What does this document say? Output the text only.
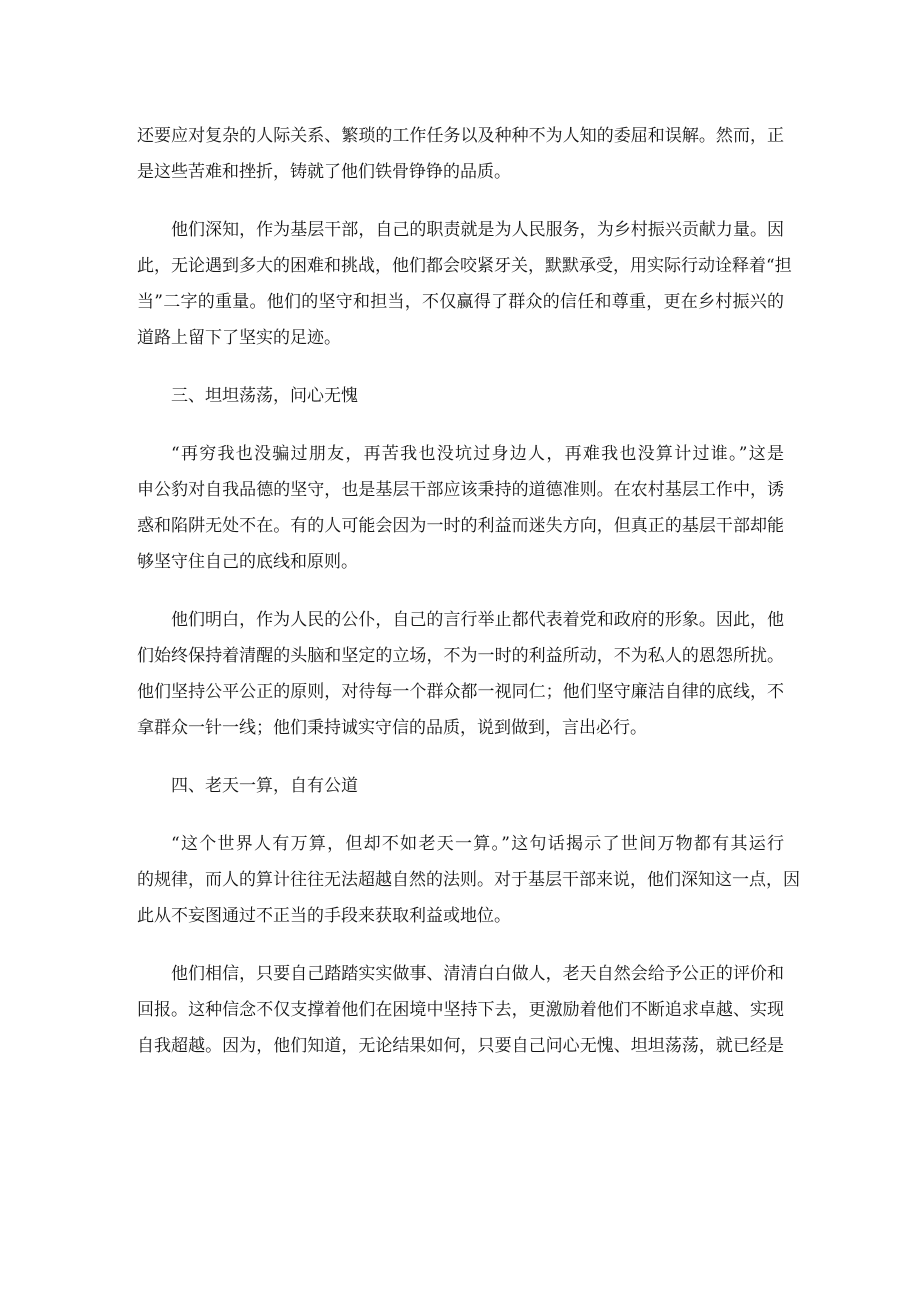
还要应对复杂的人际关系、繁琐的工作任务以及种种不为人知的委屈和误解。然而，正
是这些苦难和挫折，铸就了他们铁骨铮铮的品质。
他们深知，作为基层干部，自己的职责就是为人民服务，为乡村振兴贡献力量。因
此，无论遇到多大的困难和挑战，他们都会咬紧牙关，默默承受，用实际行动诠释着“担
当”二字的重量。他们的坚守和担当，不仅赢得了群众的信任和尊重，更在乡村振兴的
道路上留下了坚实的足迹。
三、坦坦荡荡，问心无愧
“再穷我也没骗过朋友，再苦我也没坑过身边人，再难我也没算计过谁。”这是
申公豹对自我品德的坚守，也是基层干部应该秉持的道德准则。在农村基层工作中，诱
惑和陷阱无处不在。有的人可能会因为一时的利益而迷失方向，但真正的基层干部却能
够坚守住自己的底线和原则。
他们明白，作为人民的公仆，自己的言行举止都代表着党和政府的形象。因此，他
们始终保持着清醒的头脑和坚定的立场，不为一时的利益所动，不为私人的恩怨所扰。
他们坚持公平公正的原则，对待每一个群众都一视同仁；他们坚守廉洁自律的底线，不
拿群众一针一线；他们秉持诚实守信的品质，说到做到，言出必行。
四、老天一算，自有公道
“这个世界人有万算，但却不如老天一算。”这句话揭示了世间万物都有其运行
的规律，而人的算计往往无法超越自然的法则。对于基层干部来说，他们深知这一点，因
此从不妄图通过不正当的手段来获取利益或地位。
他们相信，只要自己踏踏实实做事、清清白白做人，老天自然会给予公正的评价和
回报。这种信念不仅支撑着他们在困境中坚持下去，更激励着他们不断追求卓越、实现
自我超越。因为，他们知道，无论结果如何，只要自己问心无愧、坦坦荡荡，就已经是
